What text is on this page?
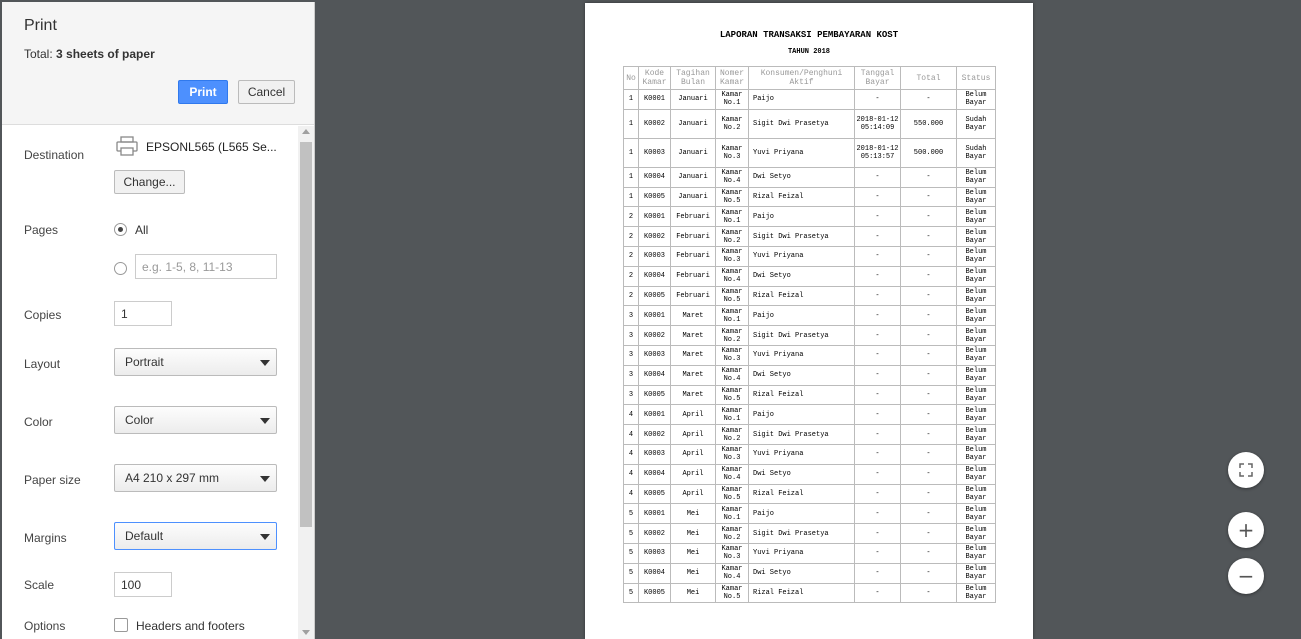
Print
Total: 3 sheets of paper
Print	Cancel
Destination
EPSONL565 (L565 Se...
Change...
Pages	All
e.g. 1-5, 8, 11-13
Copies	1
Layout	Portrait
Color	Color
Paper size	A4 210 x 297 mm
Margins	Default
Scale	100
Options	Headers and footers
LAPORAN TRANSAKSI PEMBAYARAN KOST
TAHUN 2018
No	Kode Kamar	Tagihan Bulan	Nomer Kamar	Konsumen/Penghuni Aktif	Tanggal Bayar	Total	Status
1	K0001	Januari	Kamar No.1	Paijo	-	-	Belum Bayar
1	K0002	Januari	Kamar No.2	Sigit Dwi Prasetya	2018-01-12 05:14:09	550.000	Sudah Bayar
1	K0003	Januari	Kamar No.3	Yuvi Priyana	2018-01-12 05:13:57	500.000	Sudah Bayar
1	K0004	Januari	Kamar No.4	Dwi Setyo	-	-	Belum Bayar
1	K0005	Januari	Kamar No.5	Rizal Feizal	-	-	Belum Bayar
2	K0001	Februari	Kamar No.1	Paijo	-	-	Belum Bayar
2	K0002	Februari	Kamar No.2	Sigit Dwi Prasetya	-	-	Belum Bayar
2	K0003	Februari	Kamar No.3	Yuvi Priyana	-	-	Belum Bayar
2	K0004	Februari	Kamar No.4	Dwi Setyo	-	-	Belum Bayar
2	K0005	Februari	Kamar No.5	Rizal Feizal	-	-	Belum Bayar
3	K0001	Maret	Kamar No.1	Paijo	-	-	Belum Bayar
3	K0002	Maret	Kamar No.2	Sigit Dwi Prasetya	-	-	Belum Bayar
3	K0003	Maret	Kamar No.3	Yuvi Priyana	-	-	Belum Bayar
3	K0004	Maret	Kamar No.4	Dwi Setyo	-	-	Belum Bayar
3	K0005	Maret	Kamar No.5	Rizal Feizal	-	-	Belum Bayar
4	K0001	April	Kamar No.1	Paijo	-	-	Belum Bayar
4	K0002	April	Kamar No.2	Sigit Dwi Prasetya	-	-	Belum Bayar
4	K0003	April	Kamar No.3	Yuvi Priyana	-	-	Belum Bayar
4	K0004	April	Kamar No.4	Dwi Setyo	-	-	Belum Bayar
4	K0005	April	Kamar No.5	Rizal Feizal	-	-	Belum Bayar
5	K0001	Mei	Kamar No.1	Paijo	-	-	Belum Bayar
5	K0002	Mei	Kamar No.2	Sigit Dwi Prasetya	-	-	Belum Bayar
5	K0003	Mei	Kamar No.3	Yuvi Priyana	-	-	Belum Bayar
5	K0004	Mei	Kamar No.4	Dwi Setyo	-	-	Belum Bayar
5	K0005	Mei	Kamar No.5	Rizal Feizal	-	-	Belum Bayar
+
−
